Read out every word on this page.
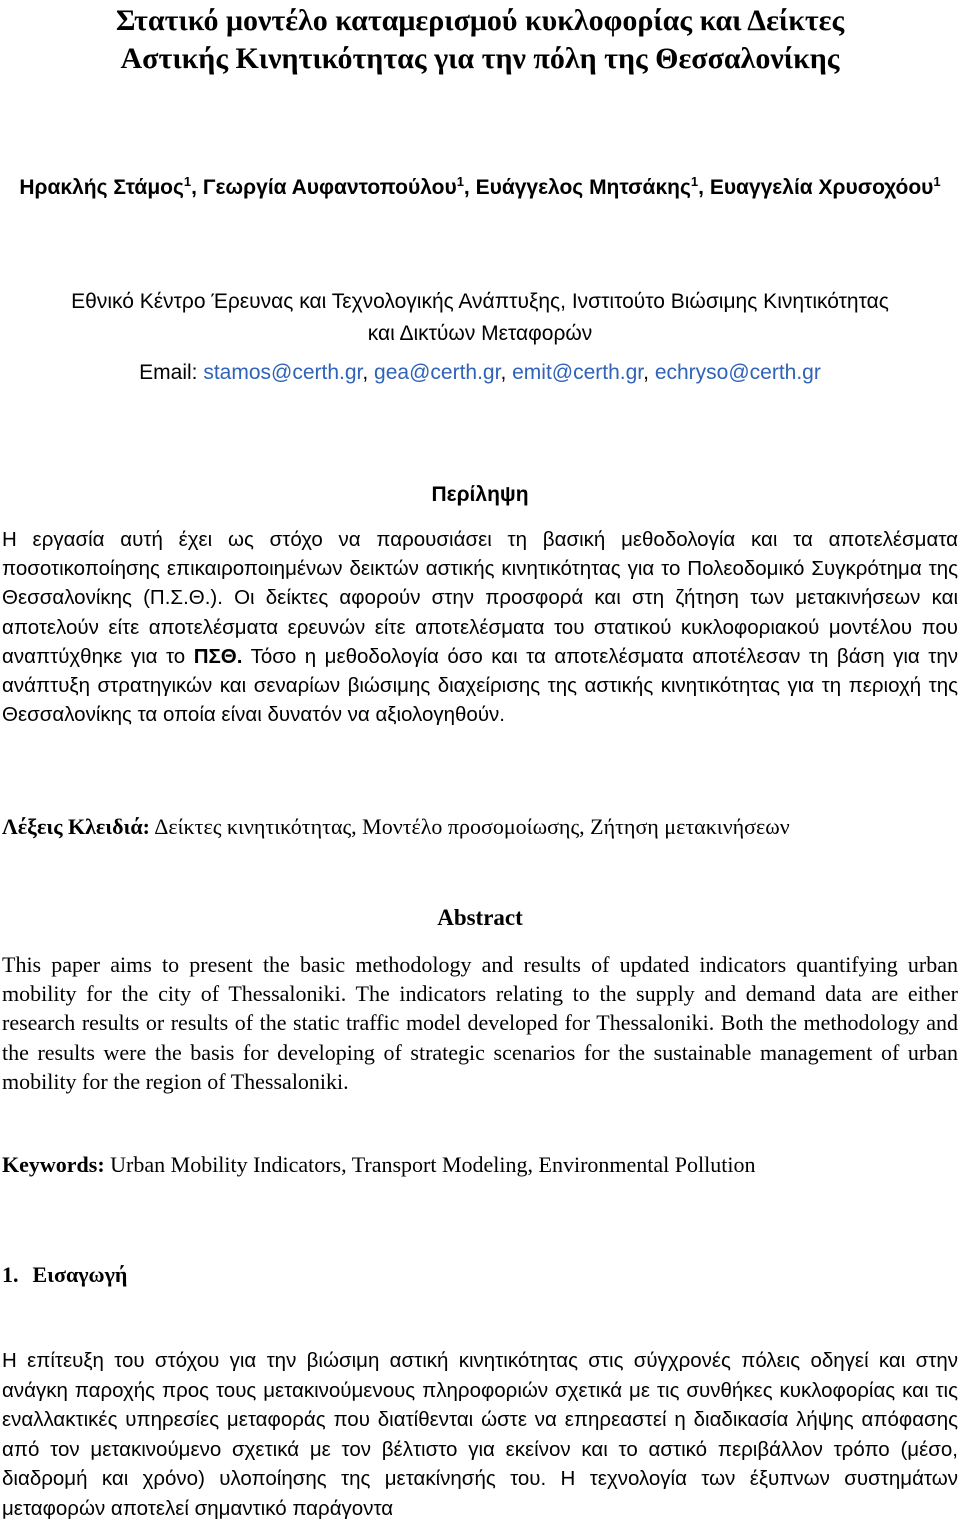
Στατικό μοντέλο καταμερισμού κυκλοφορίας και Δείκτες
Αστικής Κινητικότητας για την πόλη της Θεσσαλονίκης

Ηρακλής Στάμος$^1$, Γεωργία Αυφαντοπούλου$^1$, Ευάγγελος Μητσάκης$^1$, Ευαγγελία Χρυσοχόου$^1$

Εθνικό Κέντρο Έρευνας και Τεχνολογικής Ανάπτυξης, Ινστιτούτο Βιώσιμης Κινητικότητας
και Δικτύων Μεταφορών

Email: stamos@certh.gr, gea@certh.gr, emit@certh.gr, echryso@certh.gr

Περίληψη

Η εργασία αυτή έχει ως στόχο να παρουσιάσει τη βασική μεθοδολογία και τα αποτελέσματα ποσοτικοποίησης επικαιροποιημένων δεικτών αστικής κινητικότητας για το Πολεοδομικό Συγκρότημα της Θεσσαλονίκης (Π.Σ.Θ.). Οι δείκτες αφορούν στην προσφορά και στη ζήτηση των μετακινήσεων και αποτελούν είτε αποτελέσματα ερευνών είτε αποτελέσματα του στατικού κυκλοφοριακού μοντέλου που αναπτύχθηκε για το ΠΣΘ. Τόσο η μεθοδολογία όσο και τα αποτελέσματα αποτέλεσαν τη βάση για την ανάπτυξη στρατηγικών και σεναρίων βιώσιμης διαχείρισης της αστικής κινητικότητας για τη περιοχή της Θεσσαλονίκης τα οποία είναι δυνατόν να αξιολογηθούν.

Λέξεις Κλειδιά: Δείκτες κινητικότητας, Μοντέλο προσομοίωσης, Ζήτηση μετακινήσεων

Abstract

This paper aims to present the basic methodology and results of updated indicators quantifying urban mobility for the city of Thessaloniki. The indicators relating to the supply and demand data are either research results or results of the static traffic model developed for Thessaloniki. Both the methodology and the results were the basis for developing of strategic scenarios for the sustainable management of urban mobility for the region of Thessaloniki.

Keywords: Urban Mobility Indicators, Transport Modeling, Environmental Pollution

1. Εισαγωγή

Η επίτευξη του στόχου για την βιώσιμη αστική κινητικότητας στις σύγχρονές πόλεις οδηγεί και στην ανάγκη παροχής προς τους μετακινούμενους πληροφοριών σχετικά με τις συνθήκες κυκλοφορίας και τις εναλλακτικές υπηρεσίες μεταφοράς που διατίθενται ώστε να επηρεαστεί η διαδικασία λήψης απόφασης από τον μετακινούμενο σχετικά με τον βέλτιστο για εκείνον και το αστικό περιβάλλον τρόπο (μέσο, διαδρομή και χρόνο) υλοποίησης της μετακίνησής του. Η τεχνολογία των έξυπνων συστημάτων μεταφορών αποτελεί σημαντικό παράγοντα
